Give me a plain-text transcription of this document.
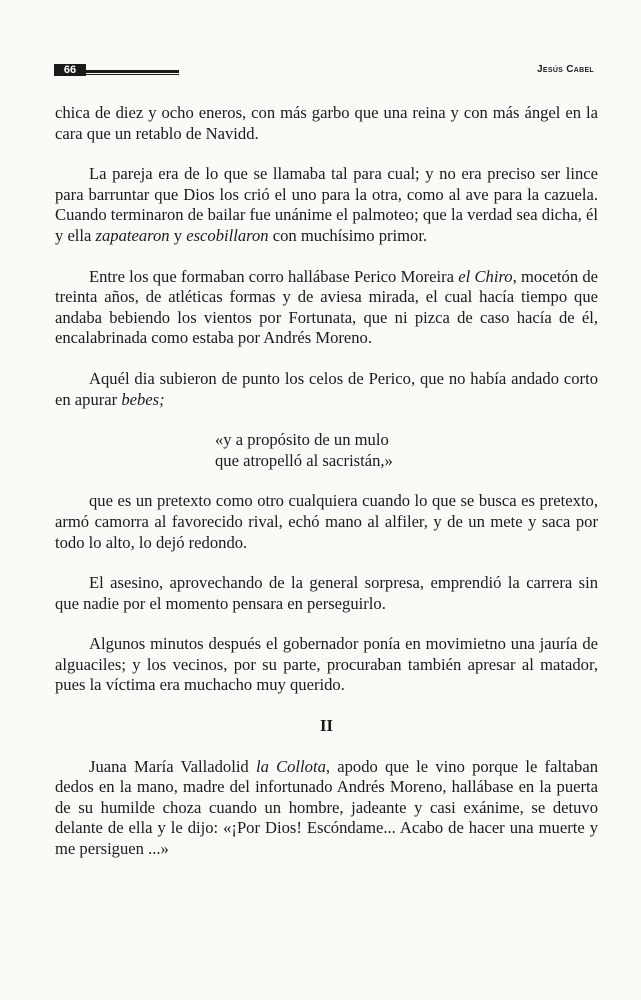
66	Jesús Cabel

chica de diez y ocho eneros, con más garbo que una reina y con más ángel en la cara que un retablo de Navidd.

La pareja era de lo que se llamaba tal para cual; y no era preciso ser lince para barruntar que Dios los crió el uno para la otra, como al ave para la cazuela. Cuando terminaron de bailar fue unánime el palmoteo; que la verdad sea dicha, él y ella zapatearon y escobillaron con muchísimo primor.

Entre los que formaban corro hallábase Perico Moreira el Chiro, mocetón de treinta años, de atléticas formas y de aviesa mirada, el cual hacía tiempo que andaba bebiendo los vientos por Fortunata, que ni pizca de caso hacía de él, encalabrinada como estaba por Andrés Moreno.

Aquél dia subieron de punto los celos de Perico, que no había andado corto en apurar bebes;

«y a propósito de un mulo
que atropelló al sacristán,»

que es un pretexto como otro cualquiera cuando lo que se busca es pretexto, armó camorra al favorecido rival, echó mano al alfiler, y de un mete y saca por todo lo alto, lo dejó redondo.

El asesino, aprovechando de la general sorpresa, emprendió la carrera sin que nadie por el momento pensara en perseguirlo.

Algunos minutos después el gobernador ponía en movimietno una jauría de alguaciles; y los vecinos, por su parte, procuraban también apresar al matador, pues la víctima era muchacho muy querido.

II

Juana María Valladolid la Collota, apodo que le vino porque le faltaban dedos en la mano, madre del infortunado Andrés Moreno, hallábase en la puerta de su humilde choza cuando un hombre, jadeante y casi exánime, se detuvo delante de ella y le dijo: «¡Por Dios! Escóndame... Acabo de hacer una muerte y me persiguen ...»
